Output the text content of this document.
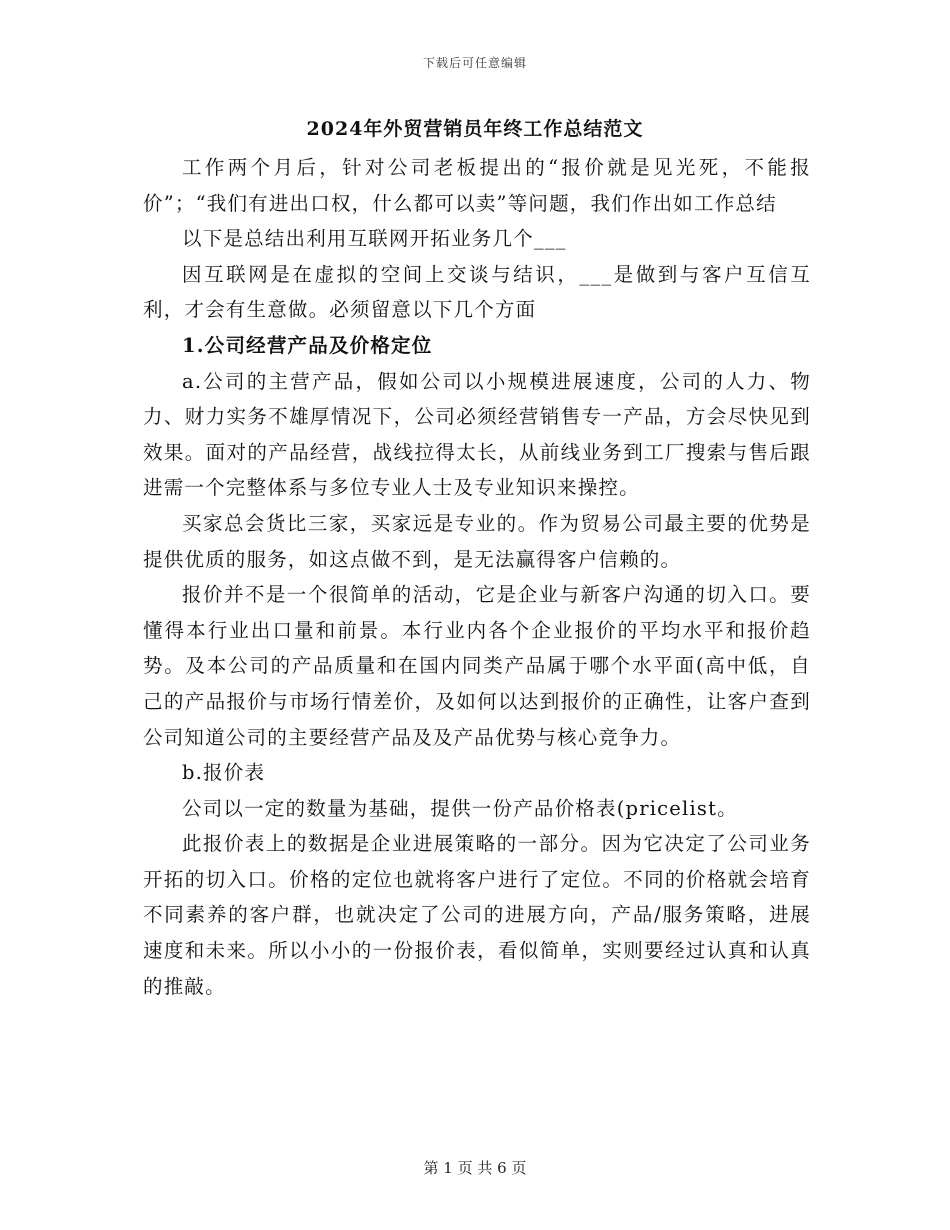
下载后可任意编辑
2024年外贸营销员年终工作总结范文

工作两个月后，针对公司老板提出的“报价就是见光死，不能报价”；“我们有进出口权，什么都可以卖”等问题，我们作出如工作总结

以下是总结出利用互联网开拓业务几个___

因互联网是在虚拟的空间上交谈与结识，___是做到与客户互信互利，才会有生意做。必须留意以下几个方面

1.公司经营产品及价格定位

a.公司的主营产品，假如公司以小规模进展速度，公司的人力、物力、财力实务不雄厚情况下，公司必须经营销售专一产品，方会尽快见到效果。面对的产品经营，战线拉得太长，从前线业务到工厂搜索与售后跟进需一个完整体系与多位专业人士及专业知识来操控。

买家总会货比三家，买家远是专业的。作为贸易公司最主要的优势是提供优质的服务，如这点做不到，是无法赢得客户信赖的。

报价并不是一个很简单的活动，它是企业与新客户沟通的切入口。要懂得本行业出口量和前景。本行业内各个企业报价的平均水平和报价趋势。及本公司的产品质量和在国内同类产品属于哪个水平面(高中低，自己的产品报价与市场行情差价，及如何以达到报价的正确性，让客户查到公司知道公司的主要经营产品及及产品优势与核心竞争力。

b.报价表

公司以一定的数量为基础，提供一份产品价格表(pricelist。

此报价表上的数据是企业进展策略的一部分。因为它决定了公司业务开拓的切入口。价格的定位也就将客户进行了定位。不同的价格就会培育不同素养的客户群，也就决定了公司的进展方向，产品/服务策略，进展速度和未来。所以小小的一份报价表，看似简单，实则要经过认真和认真的推敲。

第 1 页 共 6 页
